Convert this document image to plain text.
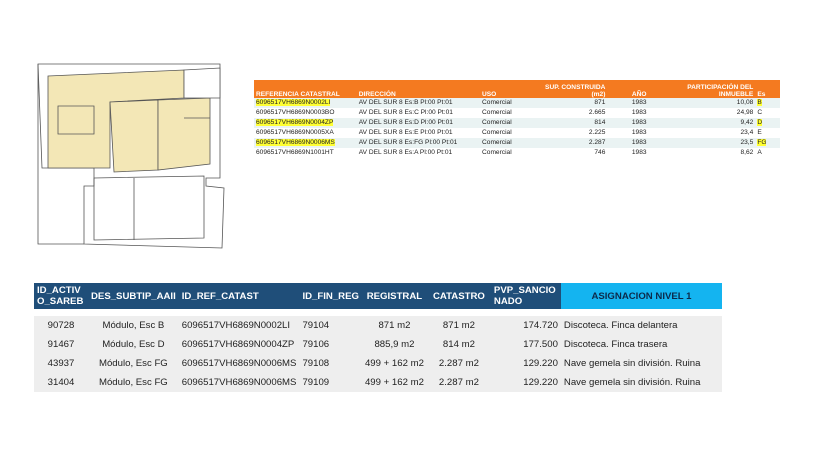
REFERENCIA CATASTRAL	DIRECCIÓN	USO	SUP. CONSTRUIDA (m2)	AÑO	PARTICIPACIÓN DEL INMUEBLE	Es
6096517VH6869N0002LI	AV DEL SUR 8 Es:B Pl:00 Pt:01	Comercial	871	1983	10,08	B
6096517VH6869N0003BO	AV DEL SUR 8 Es:C Pl:00 Pt:01	Comercial	2.665	1983	24,98	C
6096517VH6869N0004ZP	AV DEL SUR 8 Es:D Pl:00 Pt:01	Comercial	814	1983	9,42	D
6096517VH6869N0005XA	AV DEL SUR 8 Es:E Pl:00 Pt:01	Comercial	2.225	1983	23,4	E
6096517VH6869N0006MS	AV DEL SUR 8 Es:FG Pl:00 Pt:01	Comercial	2.287	1983	23,5	FG
6096517VH6869N1001HT	AV DEL SUR 8 Es:A Pl:00 Pt:01	Comercial	746	1983	8,62	A
ID_ACTIVO_SAREB	DES_SUBTIP_AAII	ID_REF_CATAST	ID_FIN_REG	REGISTRAL	CATASTRO	PVP_SANCIONADO	ASIGNACION NIVEL 1

90728	Módulo, Esc B	6096517VH6869N0002LI	79104	871 m2	871 m2	174.720	Discoteca. Finca delantera
91467	Módulo, Esc D	6096517VH6869N0004ZP	79106	885,9 m2	814 m2	177.500	Discoteca. Finca trasera
43937	Módulo, Esc FG	6096517VH6869N0006MS	79108	499 + 162 m2	2.287 m2	129.220	Nave gemela sin división. Ruina
31404	Módulo, Esc FG	6096517VH6869N0006MS	79109	499 + 162 m2	2.287 m2	129.220	Nave gemela sin división. Ruina
